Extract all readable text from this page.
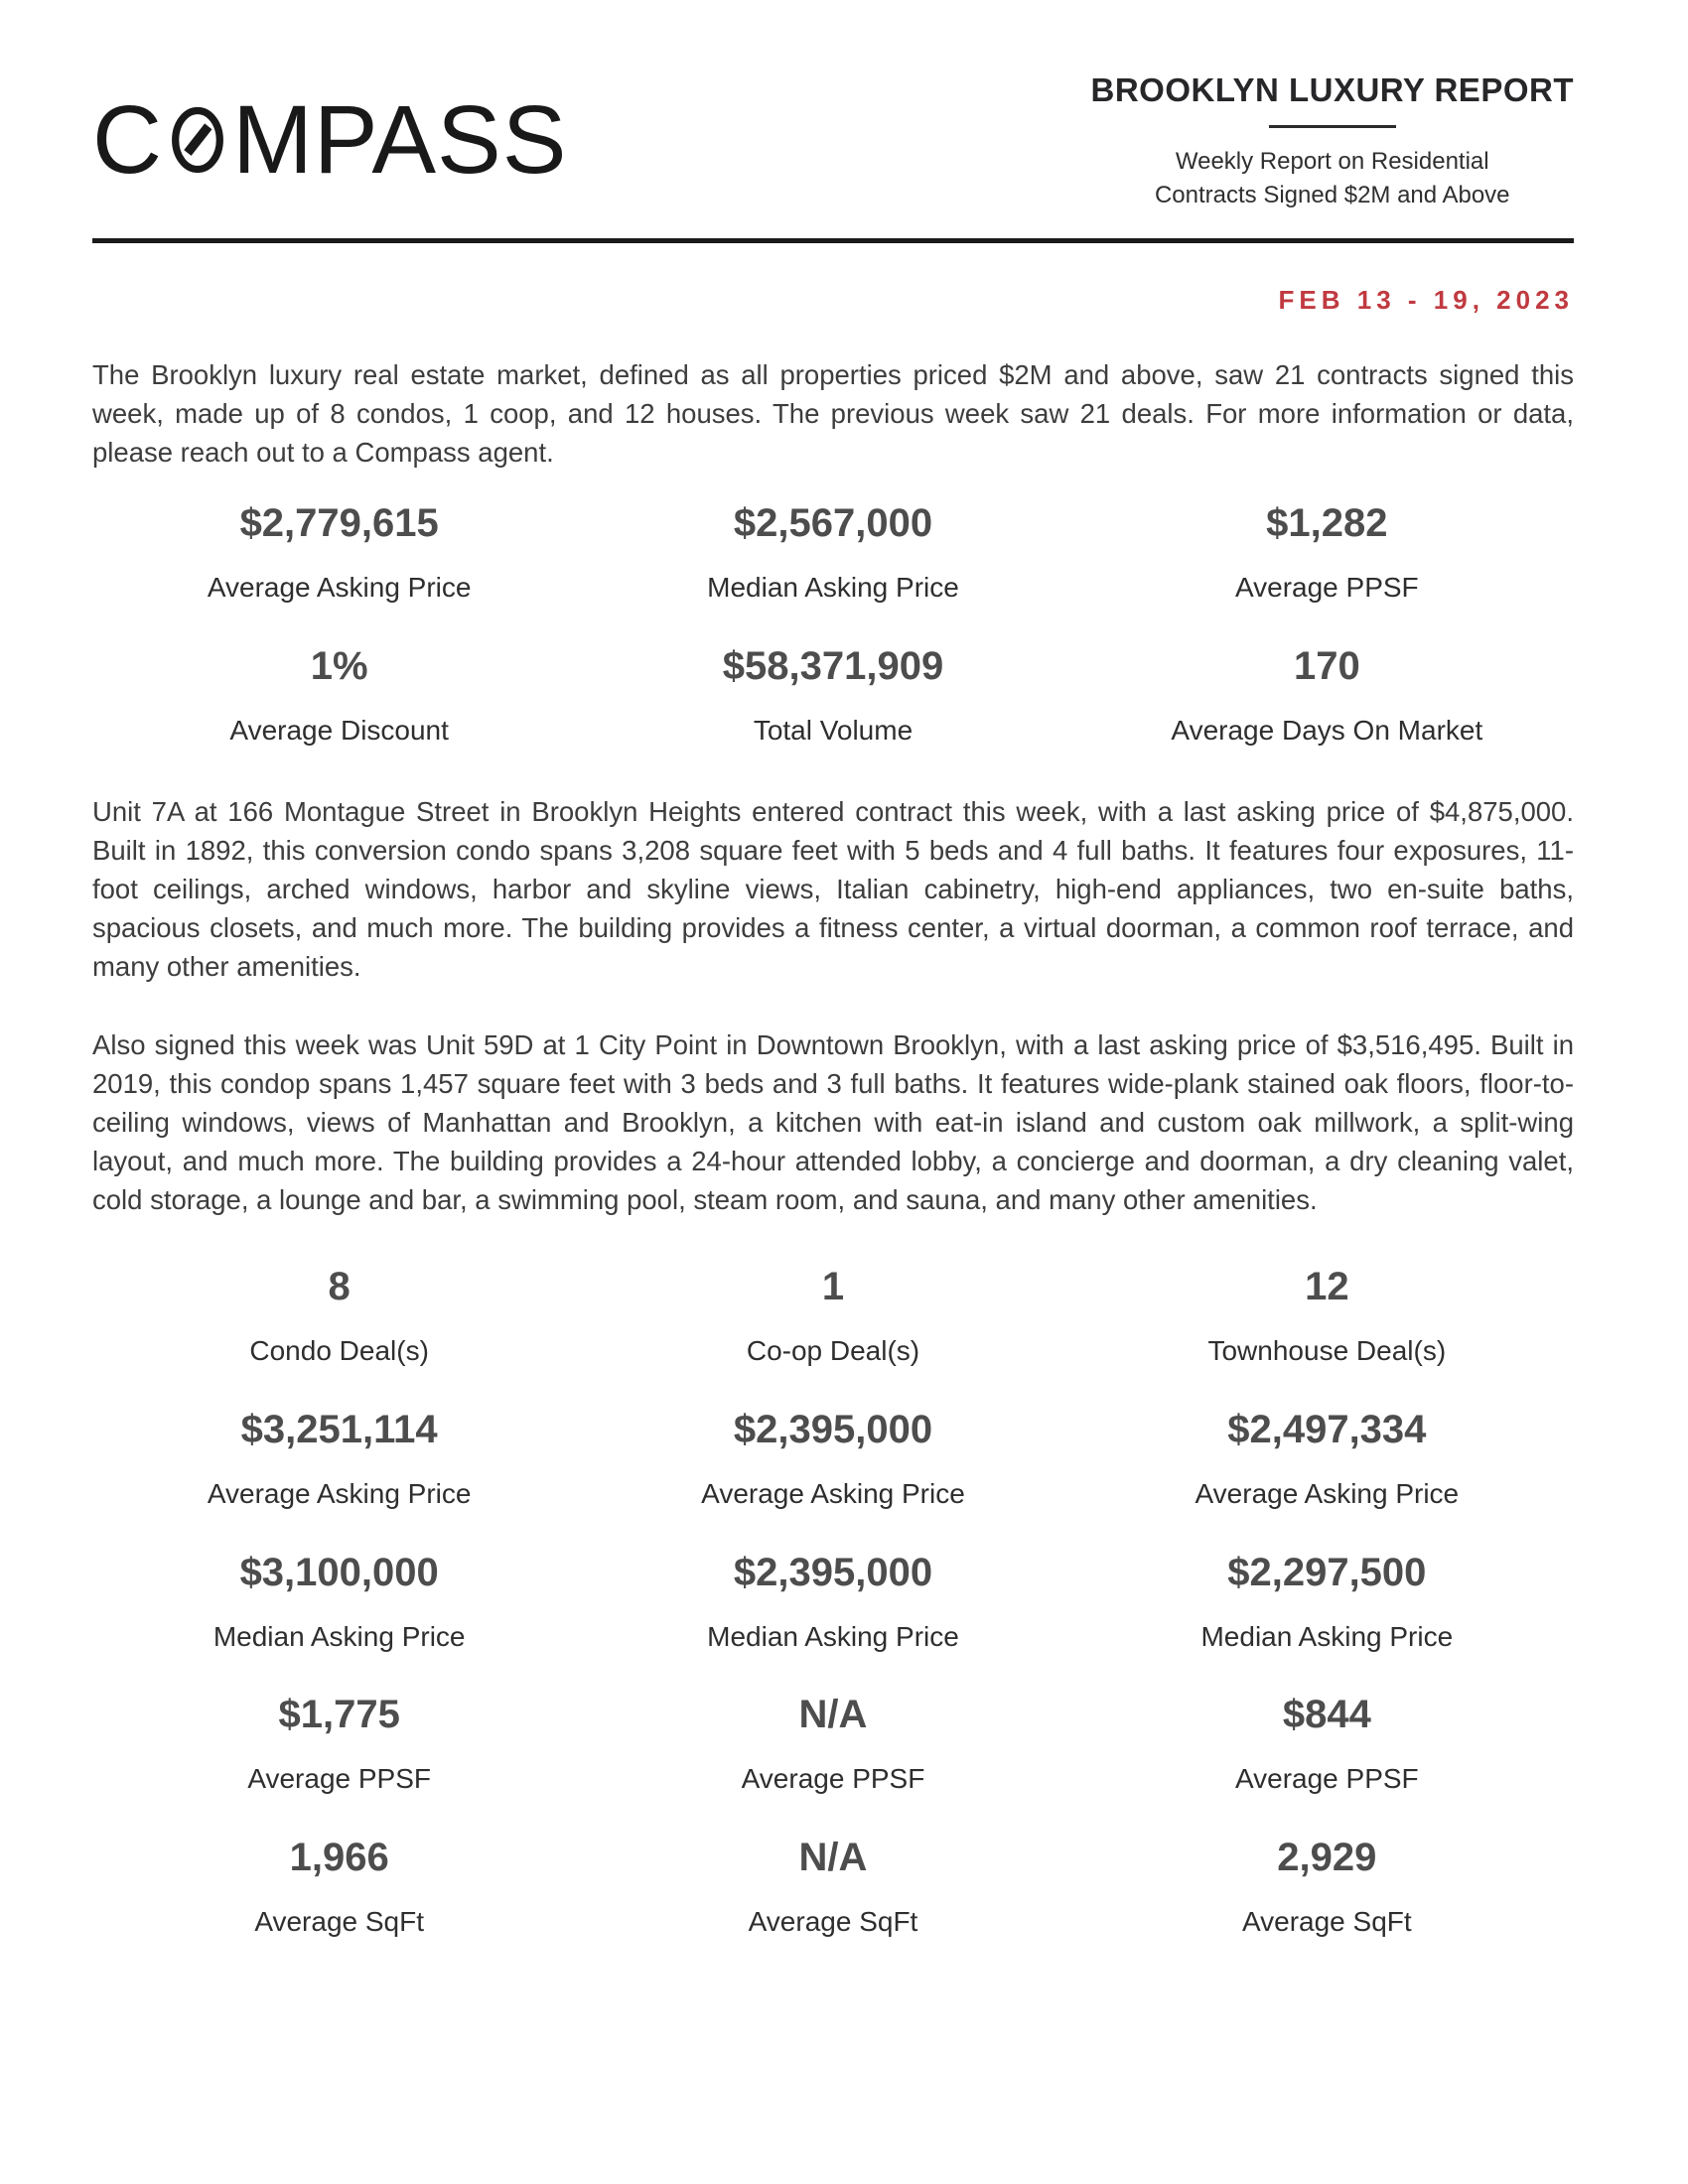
C MPASS	BROOKLYN LUXURY REPORT
Weekly Report on Residential
Contracts Signed $2M and Above
FEB 13 - 19, 2023

The Brooklyn luxury real estate market, defined as all properties priced $2M and above, saw 21 contracts signed this week, made up of 8 condos, 1 coop, and 12 houses. The previous week saw 21 deals. For more information or data, please reach out to a Compass agent.

$2,779,615
Average Asking Price
$2,567,000
Median Asking Price
$1,282
Average PPSF
1%
Average Discount
$58,371,909
Total Volume
170
Average Days On Market

Unit 7A at 166 Montague Street in Brooklyn Heights entered contract this week, with a last asking price of $4,875,000. Built in 1892, this conversion condo spans 3,208 square feet with 5 beds and 4 full baths. It features four exposures, 11-foot ceilings, arched windows, harbor and skyline views, Italian cabinetry, high-end appliances, two en-suite baths, spacious closets, and much more. The building provides a fitness center, a virtual doorman, a common roof terrace, and many other amenities.

Also signed this week was Unit 59D at 1 City Point in Downtown Brooklyn, with a last asking price of $3,516,495. Built in 2019, this condop spans 1,457 square feet with 3 beds and 3 full baths. It features wide-plank stained oak floors, floor-to-ceiling windows, views of Manhattan and Brooklyn, a kitchen with eat-in island and custom oak millwork, a split-wing layout, and much more. The building provides a 24-hour attended lobby, a concierge and doorman, a dry cleaning valet, cold storage, a lounge and bar, a swimming pool, steam room, and sauna, and many other amenities.

8
Condo Deal(s)
1
Co-op Deal(s)
12
Townhouse Deal(s)
$3,251,114
Average Asking Price
$2,395,000
Average Asking Price
$2,497,334
Average Asking Price
$3,100,000
Median Asking Price
$2,395,000
Median Asking Price
$2,297,500
Median Asking Price
$1,775
Average PPSF
N/A
Average PPSF
$844
Average PPSF
1,966
Average SqFt
N/A
Average SqFt
2,929
Average SqFt
